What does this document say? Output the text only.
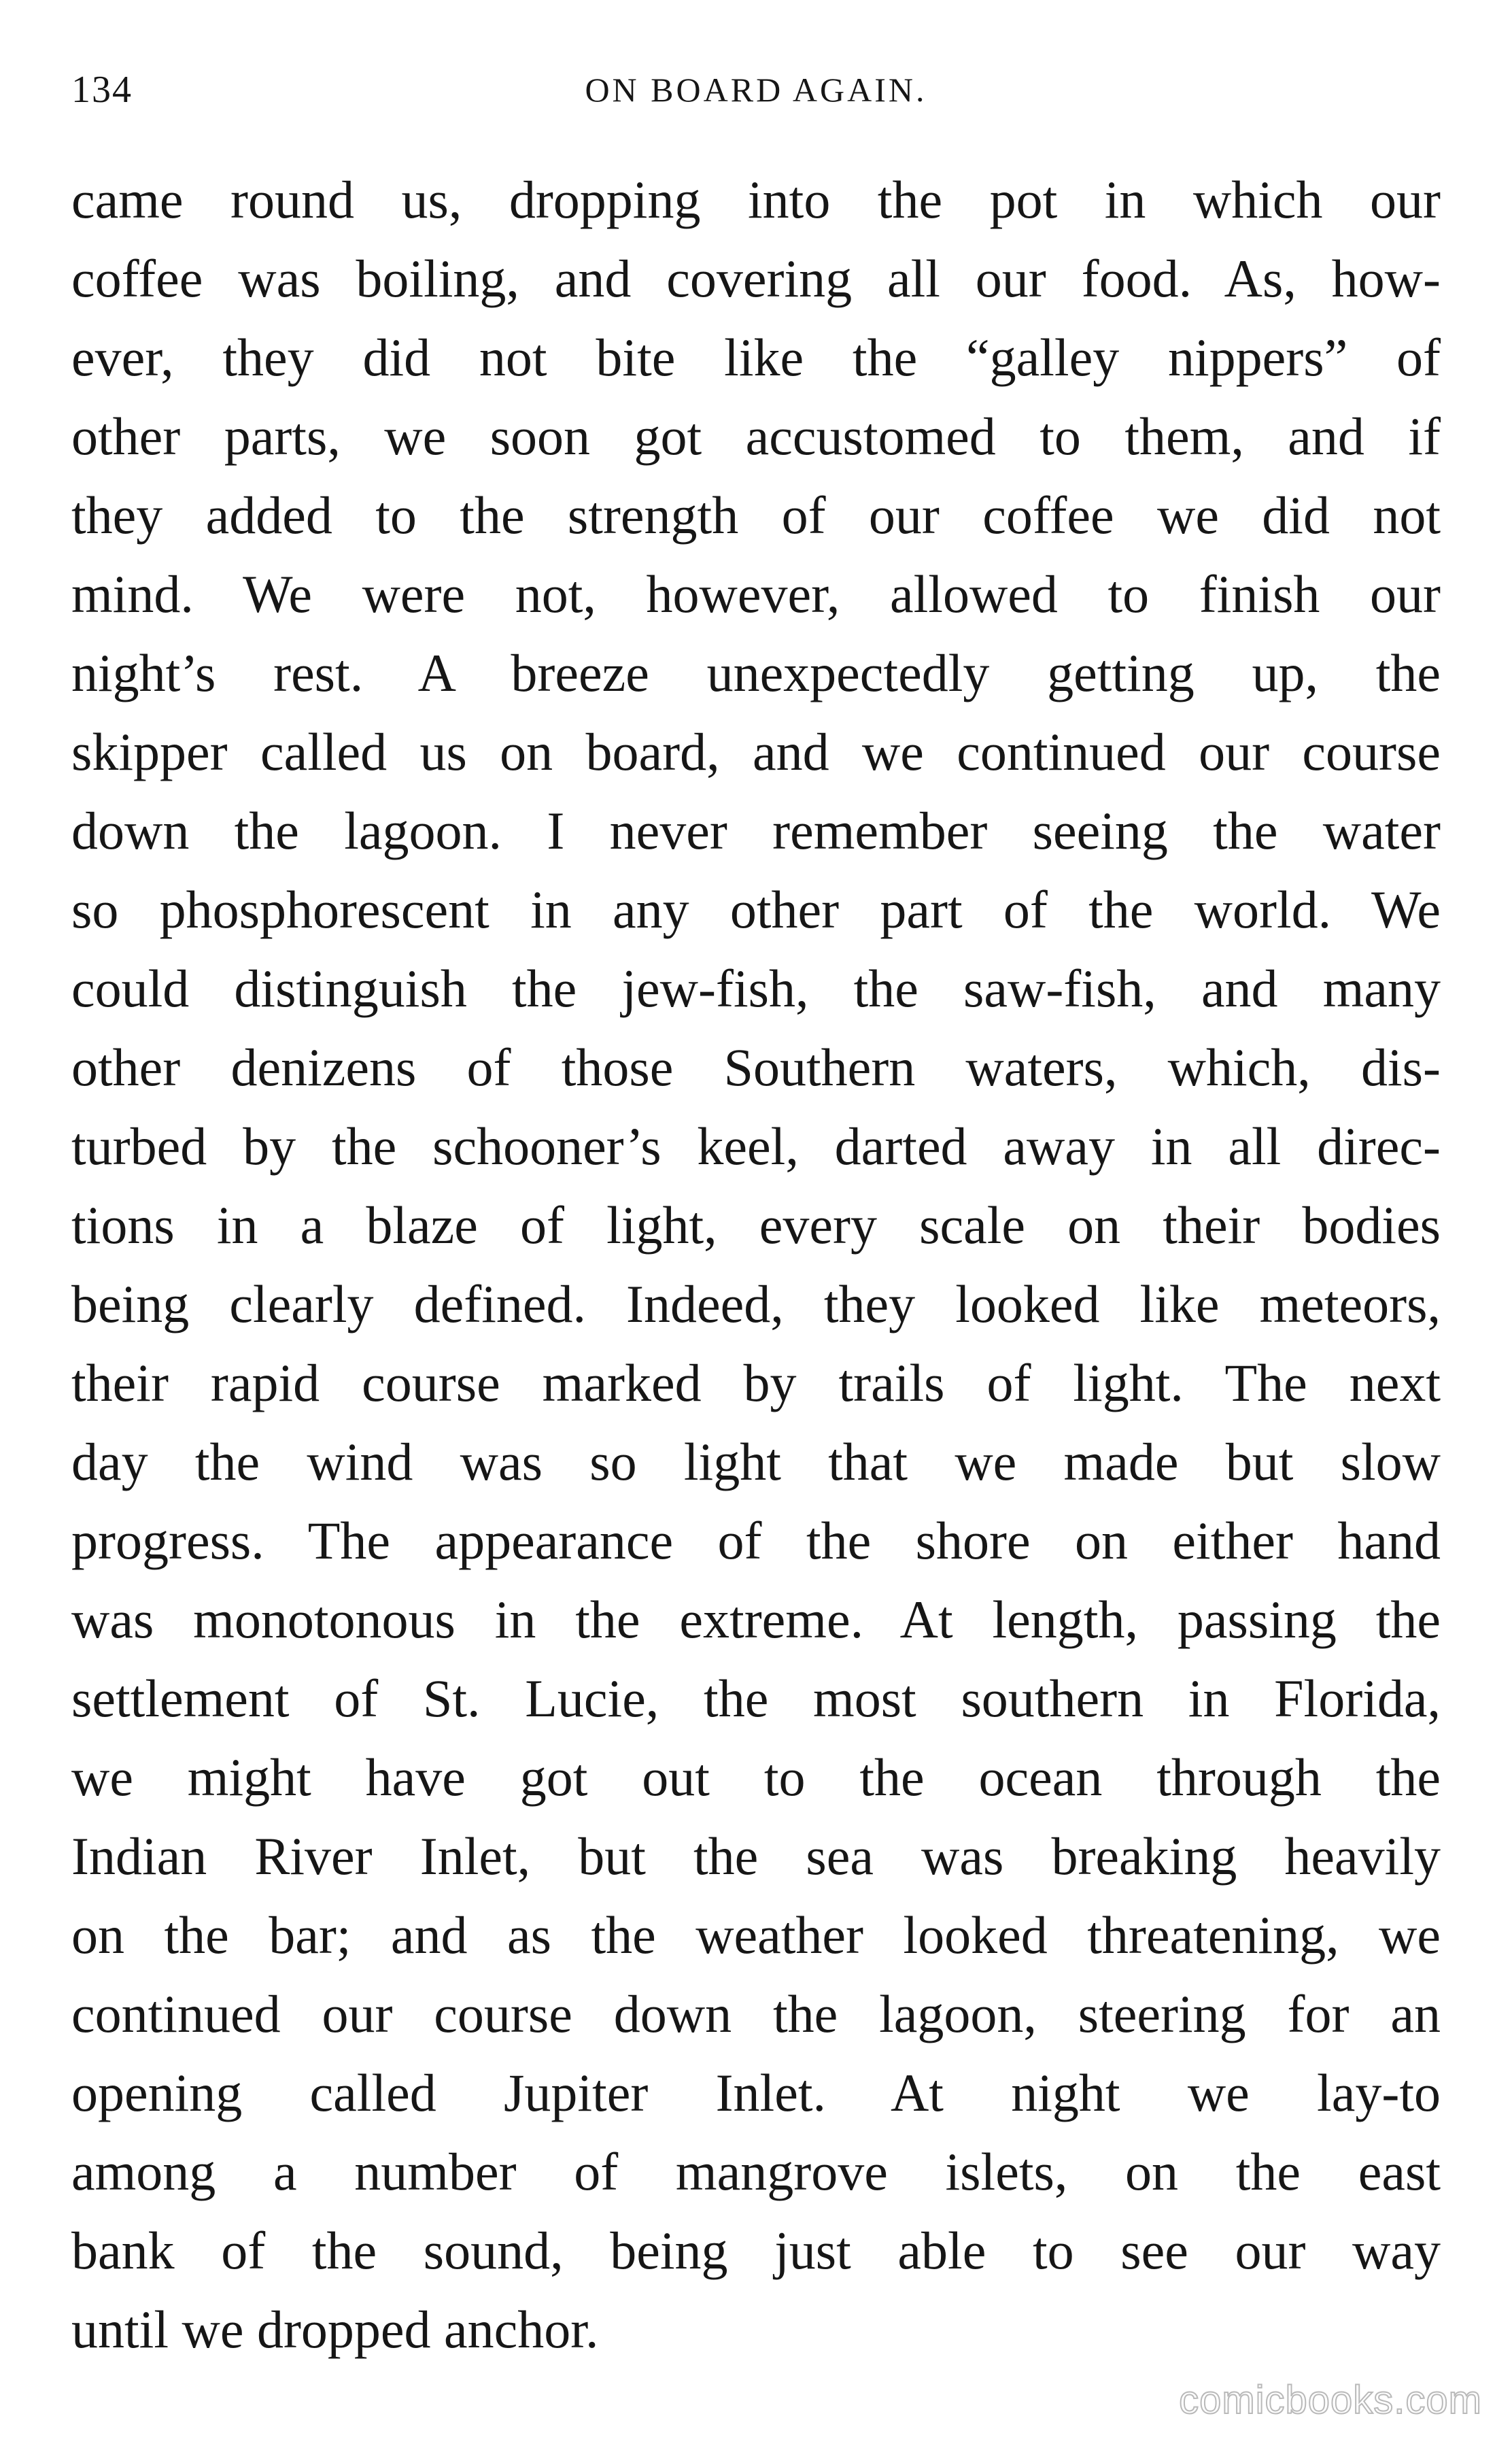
134	ON BOARD AGAIN.
came round us, dropping into the pot in which our
coffee was boiling, and covering all our food. As, how-
ever, they did not bite like the “galley nippers” of
other parts, we soon got accustomed to them, and if
they added to the strength of our coffee we did not
mind. We were not, however, allowed to finish our
night’s rest. A breeze unexpectedly getting up, the
skipper called us on board, and we continued our course
down the lagoon. I never remember seeing the water
so phosphorescent in any other part of the world. We
could distinguish the jew-fish, the saw-fish, and many
other denizens of those Southern waters, which, dis-
turbed by the schooner’s keel, darted away in all direc-
tions in a blaze of light, every scale on their bodies
being clearly defined. Indeed, they looked like meteors,
their rapid course marked by trails of light. The next
day the wind was so light that we made but slow
progress. The appearance of the shore on either hand
was monotonous in the extreme. At length, passing the
settlement of St. Lucie, the most southern in Florida,
we might have got out to the ocean through the
Indian River Inlet, but the sea was breaking heavily
on the bar; and as the weather looked threatening, we
continued our course down the lagoon, steering for an
opening called Jupiter Inlet. At night we lay-to
among a number of mangrove islets, on the east
bank of the sound, being just able to see our way
until we dropped anchor.
comicbooks.com
